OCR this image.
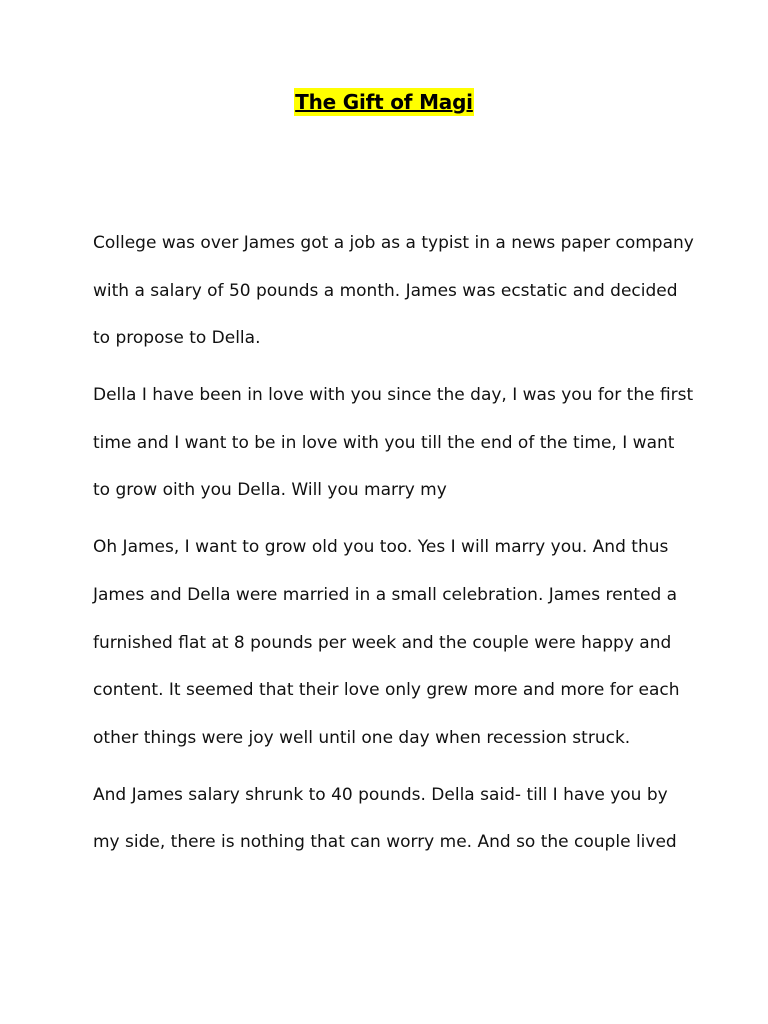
The Gift of Magi
College was over James got a job as a typist in a news paper company
with a salary of 50 pounds a month. James was ecstatic and decided
to propose to Della.
Della I have been in love with you since the day, I was you for the first
time and I want to be in love with you till the end of the time, I want
to grow oith you Della. Will you marry my
Oh James, I want to grow old you too. Yes I will marry you. And thus
James and Della were married in a small celebration. James rented a
furnished flat at 8 pounds per week and the couple were happy and
content. It seemed that their love only grew more and more for each
other things were joy well until one day when recession struck.
And James salary shrunk to 40 pounds. Della said- till I have you by
my side, there is nothing that can worry me. And so the couple lived
